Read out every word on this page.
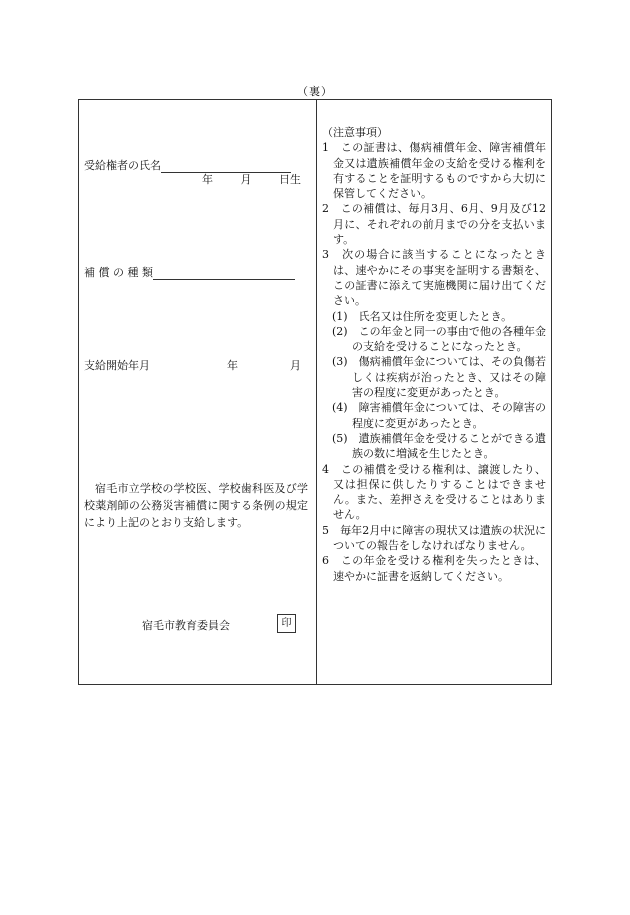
（裏）
受給権者の氏名
年	月	日生
補 償 の 種 類
支給開始年月	年	月
宿毛市立学校の学校医、学校歯科医及び学校薬剤師の公務災害補償に関する条例の規定により上記のとおり支給します。
宿毛市教育委員会	印

（注意事項）

1　この証書は、傷病補償年金、障害補償年金又は遺族補償年金の支給を受ける権利を有することを証明するものですから大切に保管してください。

2　この補償は、毎月3月、6月、9月及び12月に、それぞれの前月までの分を支払います。

3　次の場合に該当することになったときは、速やかにその事実を証明する書類を、この証書に添えて実施機関に届け出てください。

(1)　氏名又は住所を変更したとき。

(2)　この年金と同一の事由で他の各種年金の支給を受けることになったとき。

(3)　傷病補償年金については、その負傷若しくは疾病が治ったとき、又はその障害の程度に変更があったとき。

(4)　障害補償年金については、その障害の程度に変更があったとき。

(5)　遺族補償年金を受けることができる遺族の数に増減を生じたとき。

4　この補償を受ける権利は、譲渡したり、又は担保に供したりすることはできません。また、差押さえを受けることはありません。

5　毎年2月中に障害の現状又は遺族の状況についての報告をしなければなりません。

6　この年金を受ける権利を失ったときは、速やかに証書を返納してください。
